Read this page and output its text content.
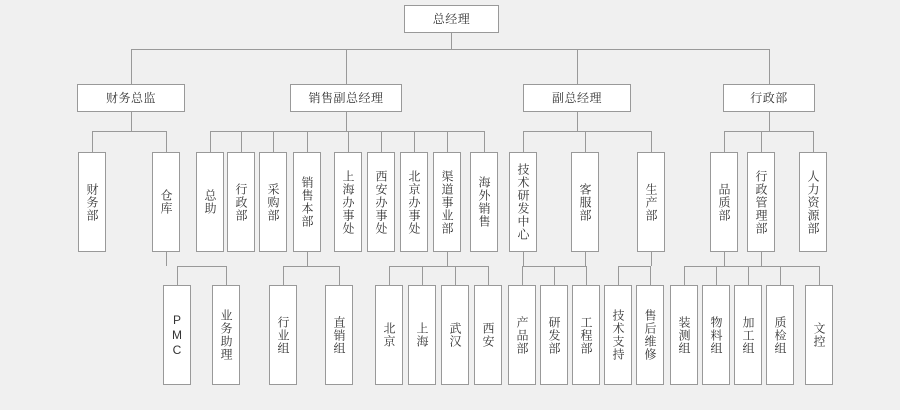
总经理
财务总监	销售副总经理	副总经理	行政部
财务部	仓库	总助 行政部 采购部 销售本部 上海办事处 西安办事处 北京办事处 渠道事业部 海外销售 技术研发中心	客服部	生产部	品质部 行政管理部	人力资源部
PMC	业务助理	行业组	直销组	北京 上海 武汉 西安 产品部 研发部 工程部 技术支持 售后维修 装测组 物料组 加工组 质检组 文控
